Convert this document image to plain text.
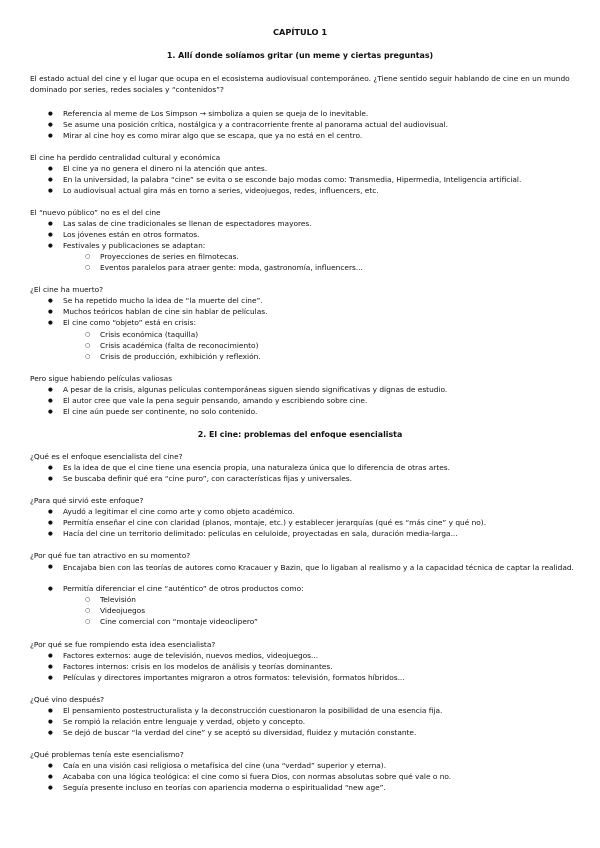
CAPÍTULO 1
1. Allí donde solíamos gritar (un meme y ciertas preguntas)
El estado actual del cine y el lugar que ocupa en el ecosistema audiovisual contemporáneo. ¿Tiene sentido seguir hablando de cine en un mundo dominado por series, redes sociales y “contenidos”?
● Referencia al meme de Los Simpson → simboliza a quien se queja de lo inevitable.
● Se asume una posición crítica, nostálgica y a contracorriente frente al panorama actual del audiovisual.
● Mirar al cine hoy es como mirar algo que se escapa, que ya no está en el centro.
El cine ha perdido centralidad cultural y económica
● El cine ya no genera el dinero ni la atención que antes.
● En la universidad, la palabra “cine” se evita o se esconde bajo modas como: Transmedia, Hipermedia, Inteligencia artificial.
● Lo audiovisual actual gira más en torno a series, videojuegos, redes, influencers, etc.
El “nuevo público” no es el del cine
● Las salas de cine tradicionales se llenan de espectadores mayores.
● Los jóvenes están en otros formatos.
● Festivales y publicaciones se adaptan:
○ Proyecciones de series en filmotecas.
○ Eventos paralelos para atraer gente: moda, gastronomía, influencers...
¿El cine ha muerto?
● Se ha repetido mucho la idea de “la muerte del cine”.
● Muchos teóricos hablan de cine sin hablar de películas.
● El cine como “objeto” está en crisis:
○ Crisis económica (taquilla)
○ Crisis académica (falta de reconocimiento)
○ Crisis de producción, exhibición y reflexión.
Pero sigue habiendo películas valiosas
● A pesar de la crisis, algunas películas contemporáneas siguen siendo significativas y dignas de estudio.
● El autor cree que vale la pena seguir pensando, amando y escribiendo sobre cine.
● El cine aún puede ser continente, no solo contenido.
2. El cine: problemas del enfoque esencialista
¿Qué es el enfoque esencialista del cine?
● Es la idea de que el cine tiene una esencia propia, una naturaleza única que lo diferencia de otras artes.
● Se buscaba definir qué era “cine puro”, con características fijas y universales.
¿Para qué sirvió este enfoque?
● Ayudó a legitimar el cine como arte y como objeto académico.
● Permitía enseñar el cine con claridad (planos, montaje, etc.) y establecer jerarquías (qué es “más cine” y qué no).
● Hacía del cine un territorio delimitado: películas en celuloide, proyectadas en sala, duración media-larga...
¿Por qué fue tan atractivo en su momento?
● Encajaba bien con las teorías de autores como Kracauer y Bazin, que lo ligaban al realismo y a la capacidad técnica de captar la realidad.
● Permitía diferenciar el cine “auténtico” de otros productos como:
○ Televisión
○ Videojuegos
○ Cine comercial con “montaje videoclipero”
¿Por qué se fue rompiendo esta idea esencialista?
● Factores externos: auge de televisión, nuevos medios, videojuegos...
● Factores internos: crisis en los modelos de análisis y teorías dominantes.
● Películas y directores importantes migraron a otros formatos: televisión, formatos híbridos...
¿Qué vino después?
● El pensamiento postestructuralista y la deconstrucción cuestionaron la posibilidad de una esencia fija.
● Se rompió la relación entre lenguaje y verdad, objeto y concepto.
● Se dejó de buscar “la verdad del cine” y se aceptó su diversidad, fluidez y mutación constante.
¿Qué problemas tenía este esencialismo?
● Caía en una visión casi religiosa o metafísica del cine (una “verdad” superior y eterna).
● Acababa con una lógica teológica: el cine como si fuera Dios, con normas absolutas sobre qué vale o no.
● Seguía presente incluso en teorías con apariencia moderna o espiritualidad “new age”.
